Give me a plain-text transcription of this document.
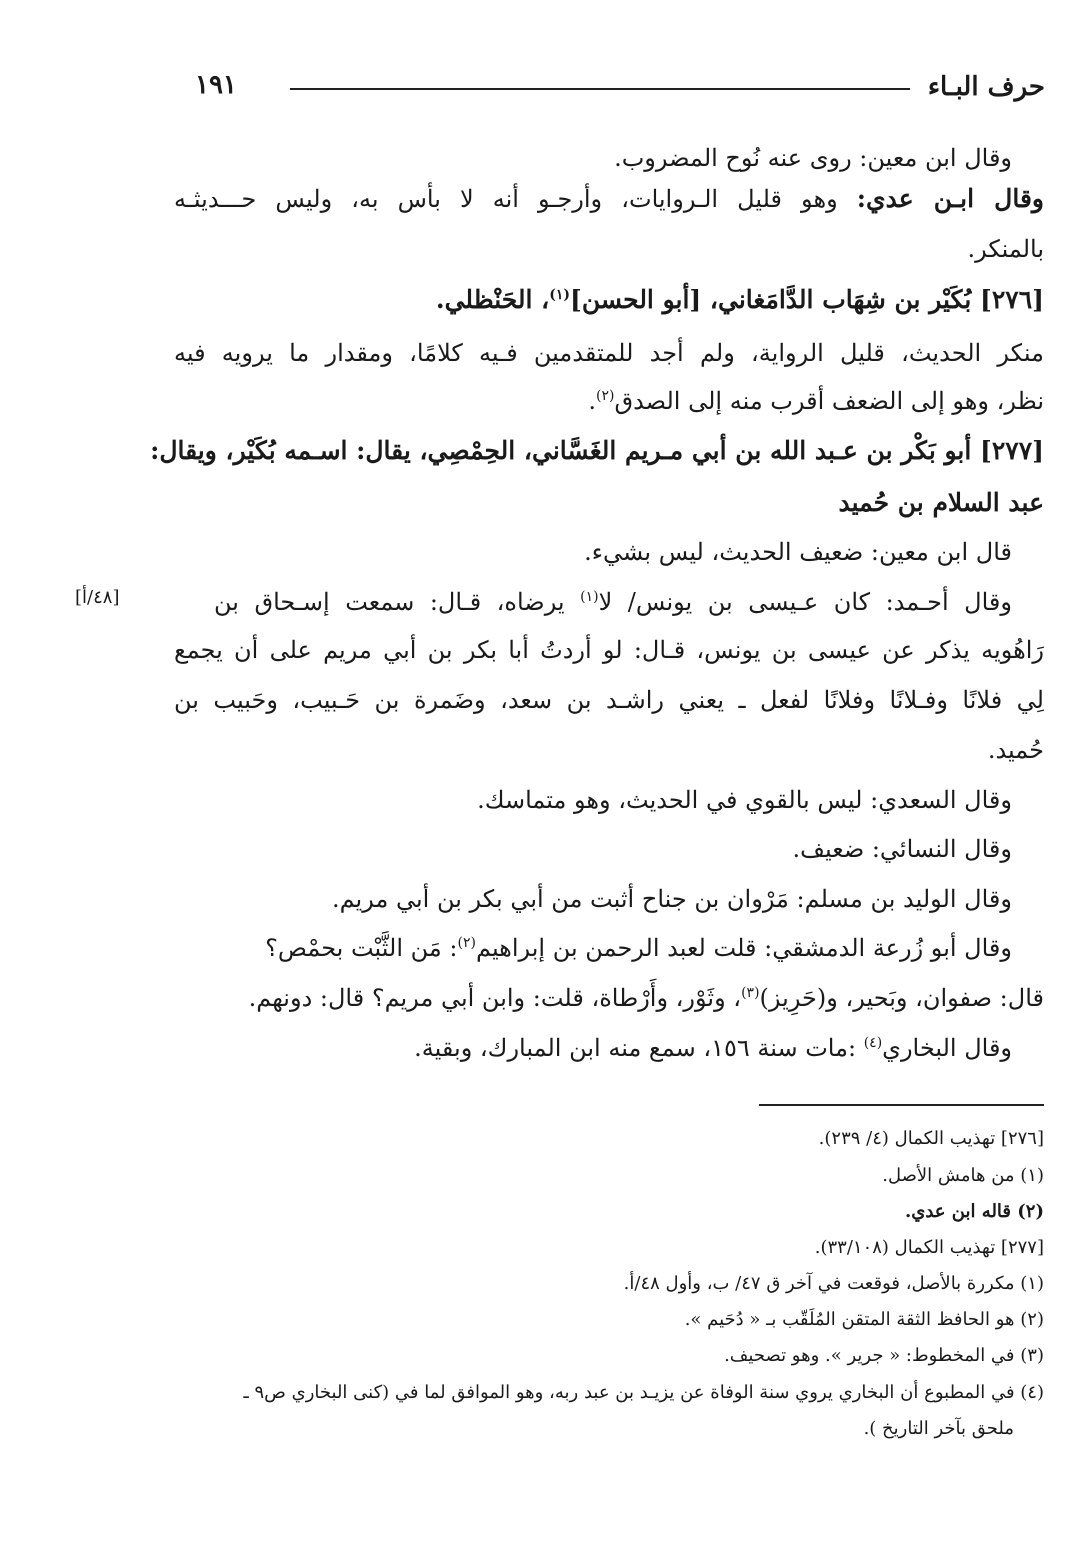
حرف البـاء
١٩١
وقال ابن معين: روى عنه نُوح المضروب.
وقال ابـن عدي: وهو قليل الـروايات، وأرجـو أنه لا بأس به، وليس حـــديثـه
بالمنكر.
[٢٧٦] بُكَيْر بن شِهَاب الدَّامَغاني، [أبو الحسن]$^{(١)}$، الحَنْظلي.
منكر الحديث، قليل الرواية، ولم أجد للمتقدمين فـيه كلامًا، ومقدار ما يرويه فيه
نظر، وهو إلى الضعف أقرب منه إلى الصدق$^{(٢)}$.
[٢٧٧] أبو بَكْر بن عـبد الله بن أبي مـريم الغَسَّاني، الحِمْصِي، يقال: اسـمه بُكَيْر، ويقال:
عبد السلام بن حُميد
قال ابن معين: ضعيف الحديث، ليس بشيء.
وقال أحـمد: كان عـيسى بن يونس/ لا$^{(١)}$ يرضاه، قـال: سمعت إسـحاق بن
[٤٨/أ]
رَاهُويه يذكر عن عيسى بن يونس، قـال: لو أردتُ أبا بكر بن أبي مريم على أن يجمع
لِي فلانًا وفـلانًا وفلانًا لفعل ـ يعني راشـد بن سعد، وضَمرة بن حَـبيب، وحَبيب بن
حُميد.
وقال السعدي: ليس بالقوي في الحديث، وهو متماسك.
وقال النسائي: ضعيف.
وقال الوليد بن مسلم: مَرْوان بن جناح أثبت من أبي بكر بن أبي مريم.
وقال أبو زُرعة الدمشقي: قلت لعبد الرحمن بن إبراهيم$^{(٢)}$: مَن الثَّبْت بحمْص؟
قال: صفوان، وبَحير، و(حَرِيز)$^{(٣)}$، وثَوْر، وأَرْطاة، قلت: وابن أبي مريم؟ قال: دونهم.
وقال البخاري$^{(٤)}$ :مات سنة ١٥٦، سمع منه ابن المبارك، وبقية.
[٢٧٦] تهذيب الكمال (٤/ ٢٣٩).
(١) من هامش الأصل.
(٢) قاله ابن عدي.
[٢٧٧] تهذيب الكمال (٣٣/١٠٨).
(١) مكررة بالأصل، فوقعت في آخر ق ٤٧/ ب، وأول ٤٨/أ.
(٢) هو الحافظ الثقة المتقن المُلَقّب بـ « دُحَيم ».
(٣) في المخطوط: « جرير ». وهو تصحيف.
(٤) في المطبوع أن البخاري يروي سنة الوفاة عن يزيـد بن عبد ربه، وهو الموافق لما في (كنى البخاري ص٩ ـ
ملحق بآخر التاريخ ).
